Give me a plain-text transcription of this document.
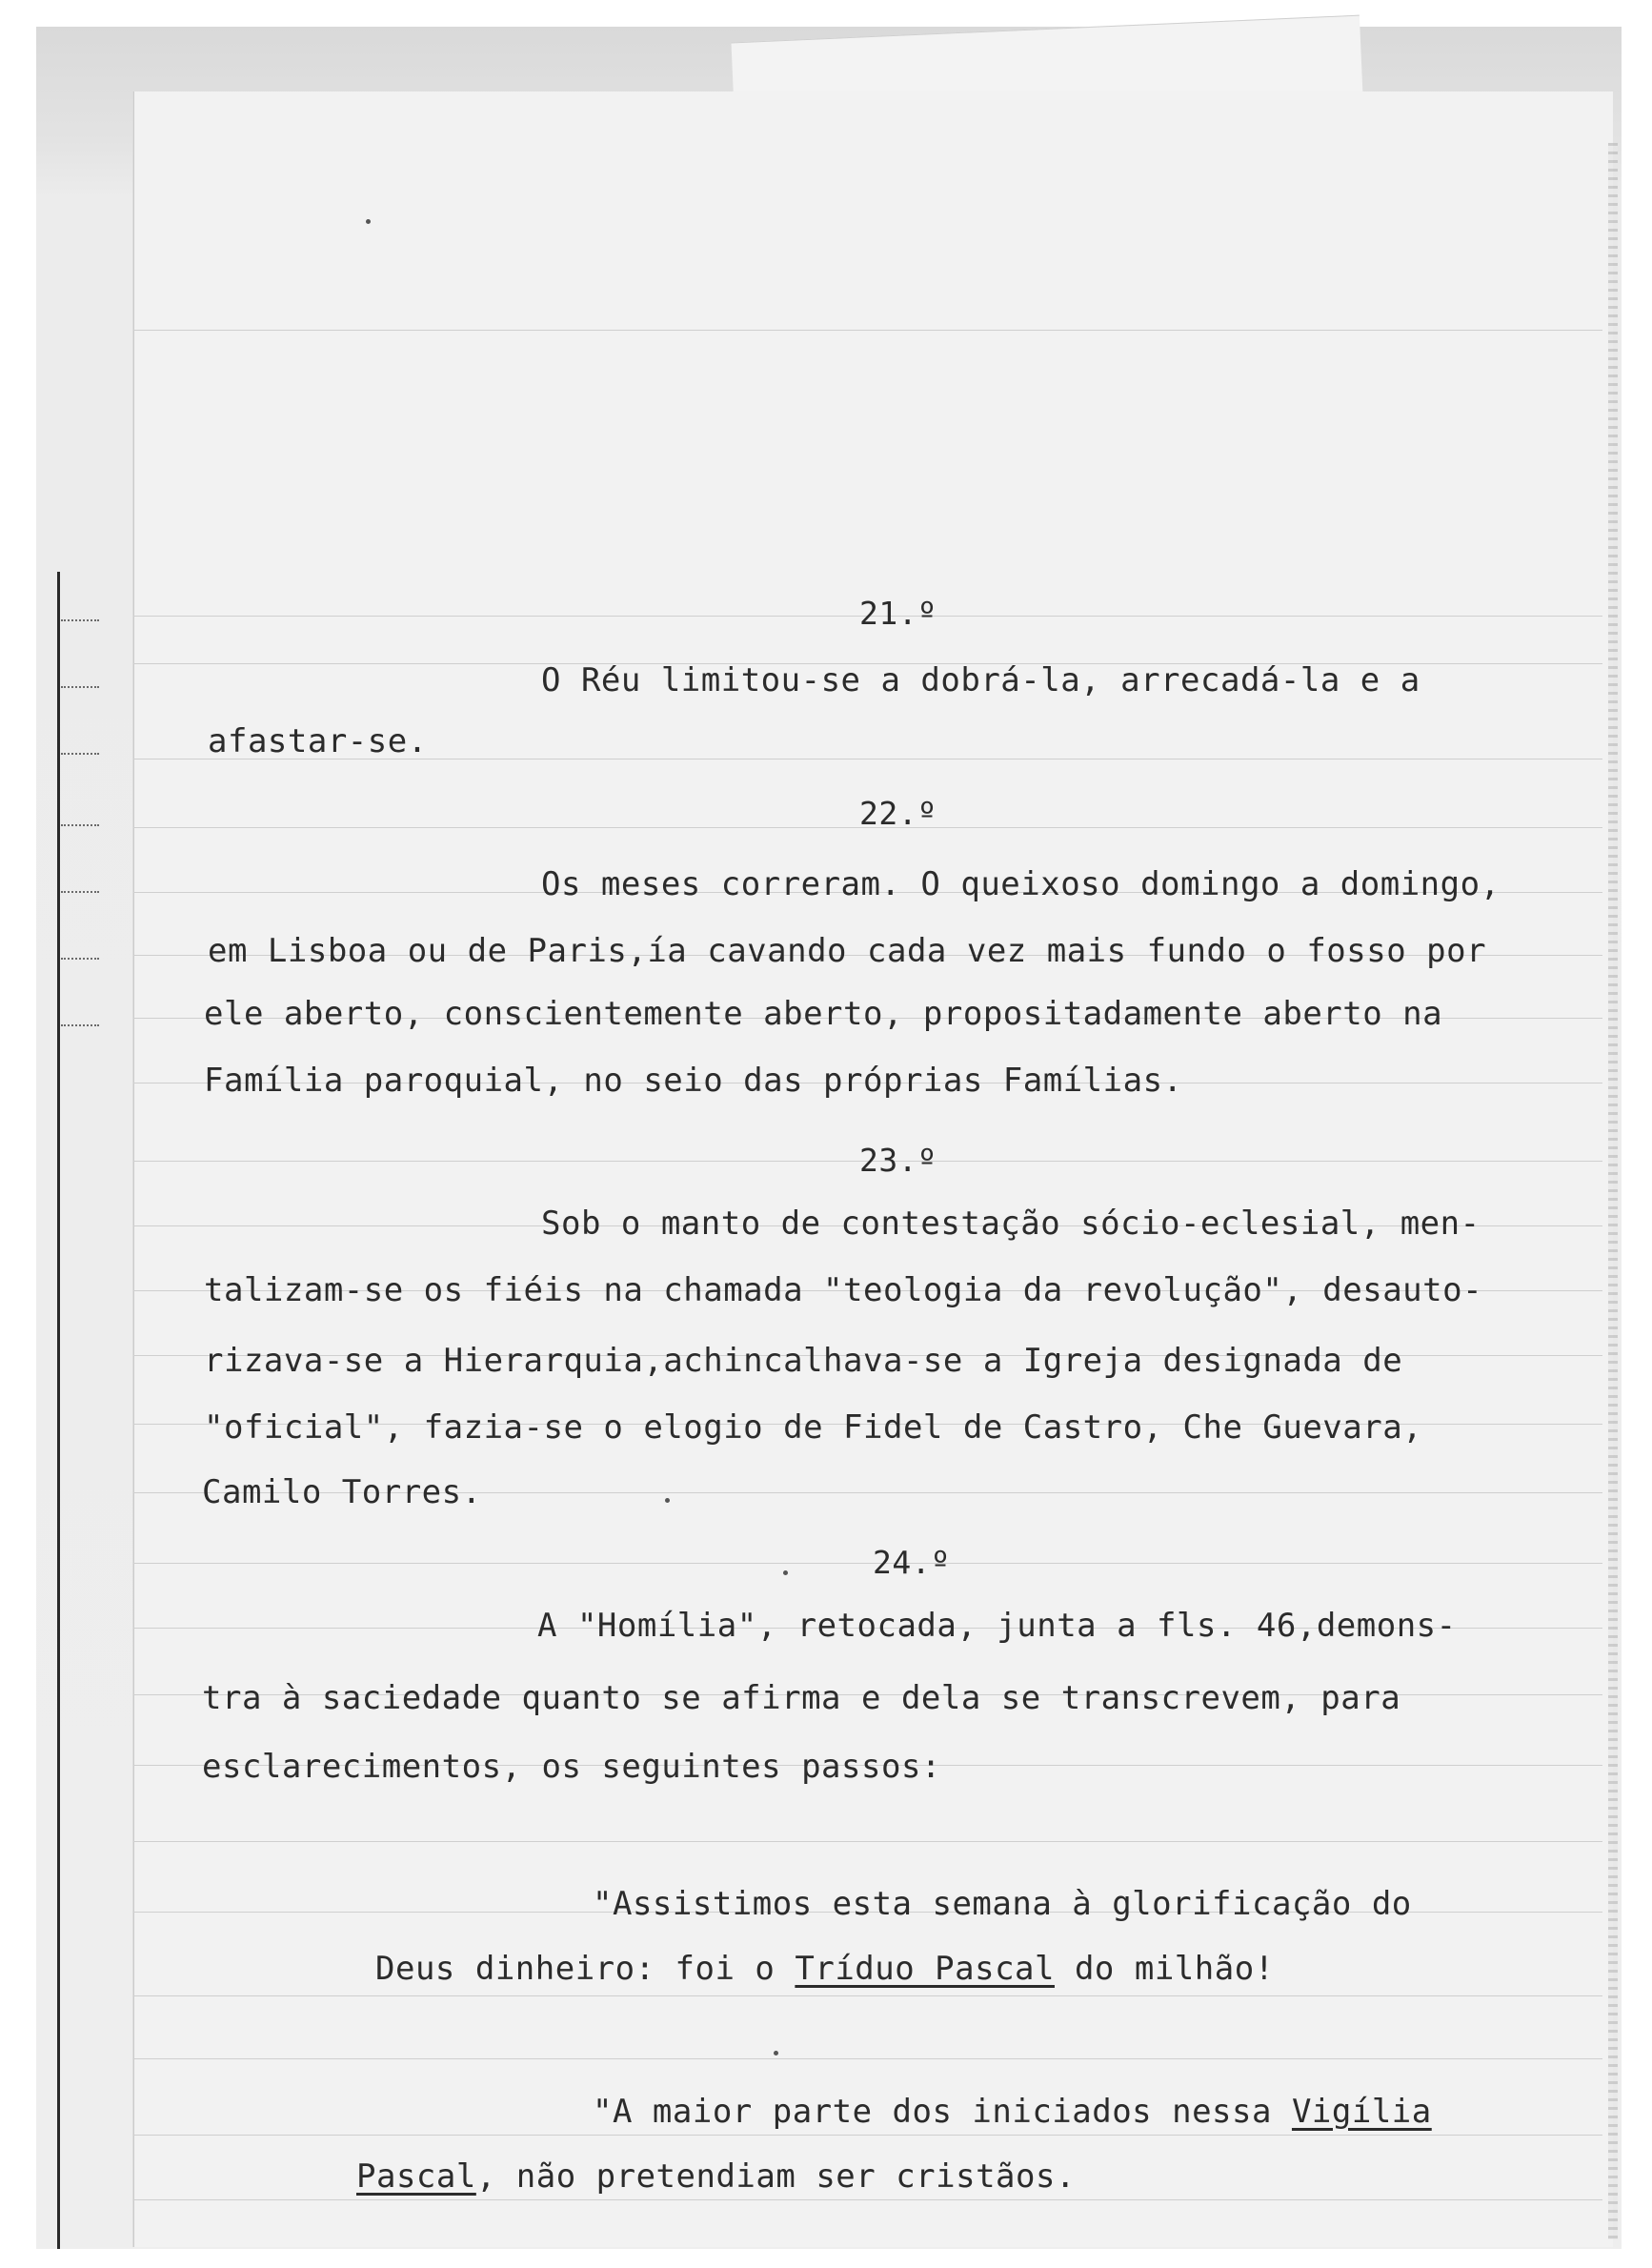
21.º

O Réu limitou-se a dobrá-la, arrecadá-la e a

afastar-se.

22.º

Os meses correram. O queixoso domingo a domingo,

em Lisboa ou de Paris,ía cavando cada vez mais fundo o fosso por

ele aberto, conscientemente aberto, propositadamente aberto na

Família paroquial, no seio das próprias Famílias.

23.º

Sob o manto de contestação sócio-eclesial, men-

talizam-se os fiéis na chamada "teologia da revolução", desauto-

rizava-se a Hierarquia,achincalhava-se a Igreja designada de

"oficial", fazia-se o elogio de Fidel de Castro, Che Guevara,

Camilo Torres.

24.º

A "Homília", retocada, junta a fls. 46,demons-

tra à saciedade quanto se afirma e dela se transcrevem, para

esclarecimentos, os seguintes passos:

"Assistimos esta semana à glorificação do

Deus dinheiro: foi o Tríduo Pascal do milhão!

"A maior parte dos iniciados nessa Vigília

Pascal, não pretendiam ser cristãos.
